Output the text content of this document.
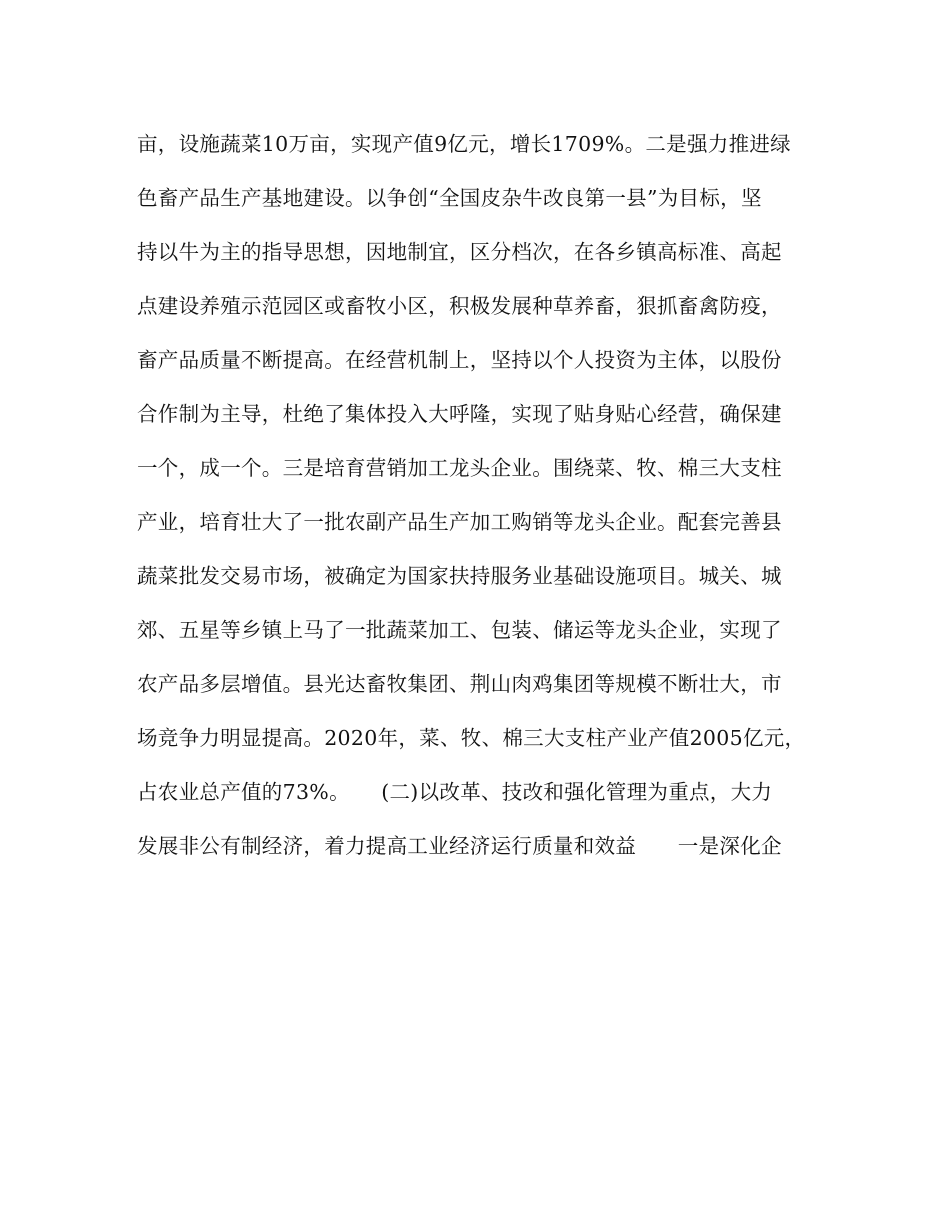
亩，设施蔬菜10万亩，实现产值9亿元，增长1709%。二是强力推进绿
色畜产品生产基地建设。以争创“全国皮杂牛改良第一县”为目标，坚
持以牛为主的指导思想，因地制宜，区分档次，在各乡镇高标准、高起
点建设养殖示范园区或畜牧小区，积极发展种草养畜，狠抓畜禽防疫，
畜产品质量不断提高。在经营机制上，坚持以个人投资为主体，以股份
合作制为主导，杜绝了集体投入大呼隆，实现了贴身贴心经营，确保建
一个，成一个。三是培育营销加工龙头企业。围绕菜、牧、棉三大支柱
产业，培育壮大了一批农副产品生产加工购销等龙头企业。配套完善县
蔬菜批发交易市场，被确定为国家扶持服务业基础设施项目。城关、城
郊、五星等乡镇上马了一批蔬菜加工、包装、储运等龙头企业，实现了
农产品多层增值。县光达畜牧集团、荆山肉鸡集团等规模不断壮大，市
场竞争力明显提高。2020年，菜、牧、棉三大支柱产业产值2005亿元，
占农业总产值的73%。　　(二)以改革、技改和强化管理为重点，大力
发展非公有制经济，着力提高工业经济运行质量和效益　　一是深化企
